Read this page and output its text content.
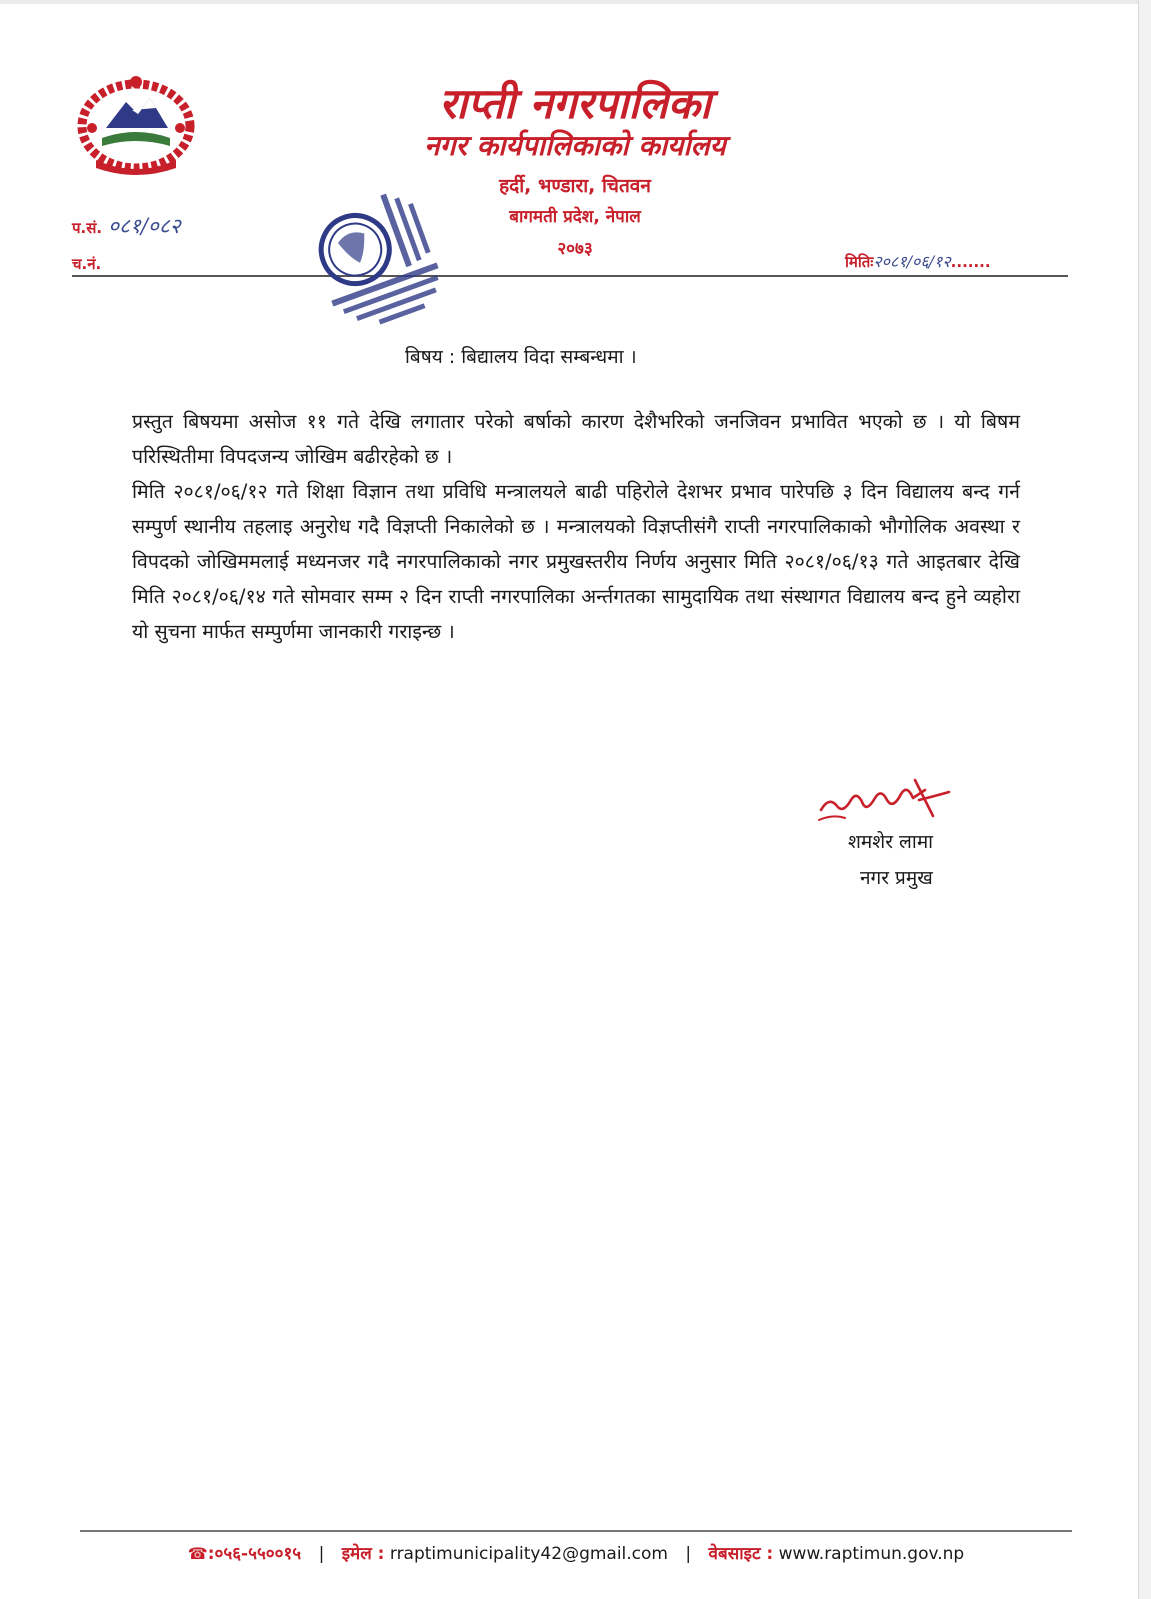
राप्ती नगरपालिका
नगर कार्यपालिकाको कार्यालय

हर्दी, भण्डारा, चितवन

बागमती प्रदेश, नेपाल

२०७३

प.सं. ०८१/०८२
च.नं.	मितिः२०८१/०६/१२.......

बिषय : बिद्यालय विदा सम्बन्धमा ।

प्रस्तुत बिषयमा असोज ११ गते देखि लगातार परेको बर्षाको कारण देशैभरिको जनजिवन प्रभावित भएको छ । यो बिषम परिस्थितीमा विपदजन्य जोखिम बढीरहेको छ ।

मिति २०८१/०६/१२ गते शिक्षा विज्ञान तथा प्रविधि मन्त्रालयले बाढी पहिरोले देशभर प्रभाव पारेपछि ३ दिन विद्यालय बन्द गर्न सम्पुर्ण स्थानीय तहलाइ अनुरोध गदै विज्ञप्ती निकालेको छ । मन्त्रालयको विज्ञप्तीसंगै राप्ती नगरपालिकाको भौगोलिक अवस्था र विपदको जोखिममलाई मध्यनजर गदै नगरपालिकाको नगर प्रमुखस्तरीय निर्णय अनुसार मिति २०८१/०६/१३ गते आइतबार देखि मिति २०८१/०६/१४ गते सोमवार सम्म २ दिन राप्ती नगरपालिका अर्न्तगतका सामुदायिक तथा संस्थागत विद्यालय बन्द हुने व्यहोरा यो सुचना मार्फत सम्पुर्णमा जानकारी गराइन्छ ।

शमशेर लामा

नगर प्रमुख

☎:०५६-५५००१५ | इमेल : rraptimunicipality42@gmail.com | वेबसाइट : www.raptimun.gov.np
